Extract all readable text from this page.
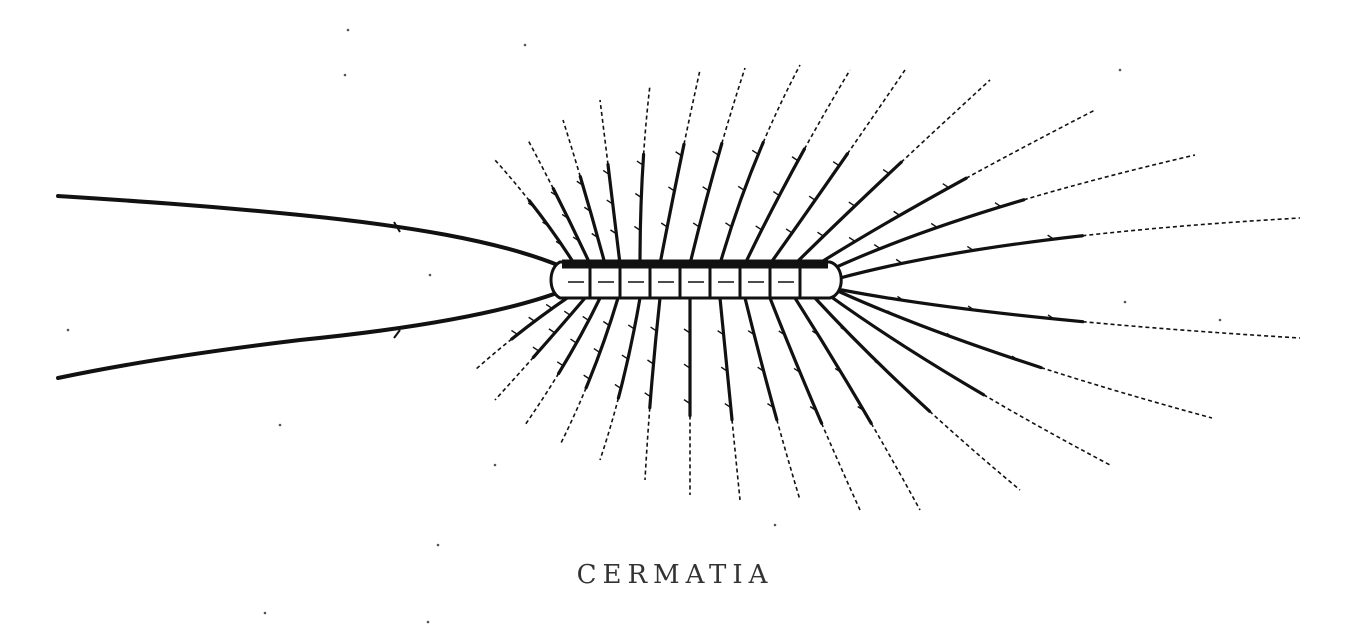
CERMATIA
